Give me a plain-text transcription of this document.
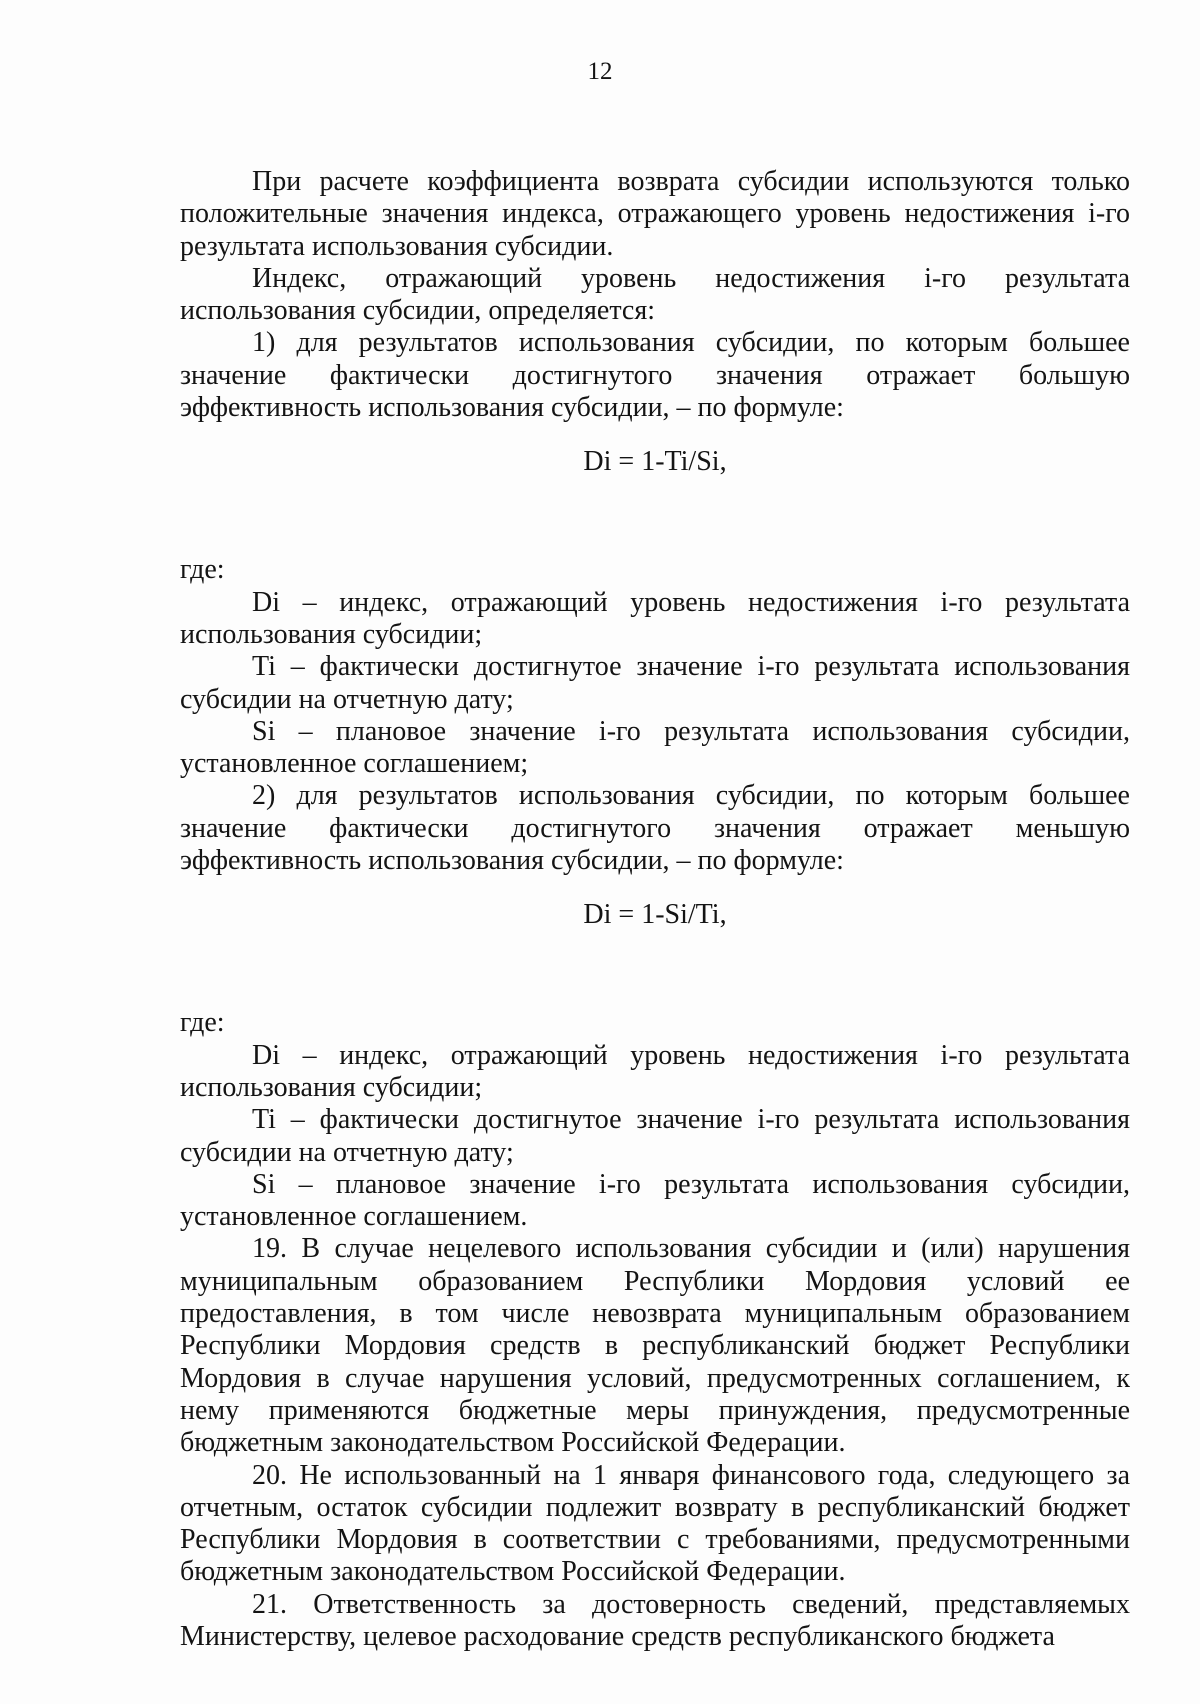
12

При расчете коэффициента возврата субсидии используются только положительные значения индекса, отражающего уровень недостижения i-го результата использования субсидии.

Индекс, отражающий уровень недостижения i-го результата использования субсидии, определяется:

1) для результатов использования субсидии, по которым большее значение фактически достигнутого значения отражает большую эффективность использования субсидии, – по формуле:

Di = 1-Ti/Si,

где:

Di – индекс, отражающий уровень недостижения i-го результата использования субсидии;

Ti – фактически достигнутое значение i-го результата использования субсидии на отчетную дату;

Si – плановое значение i-го результата использования субсидии, установленное соглашением;

2) для результатов использования субсидии, по которым большее значение фактически достигнутого значения отражает меньшую эффективность использования субсидии, – по формуле:

Di = 1-Si/Ti,

где:

Di – индекс, отражающий уровень недостижения i-го результата использования субсидии;

Ti – фактически достигнутое значение i-го результата использования субсидии на отчетную дату;

Si – плановое значение i-го результата использования субсидии, установленное соглашением.

19. В случае нецелевого использования субсидии и (или) нарушения муниципальным образованием Республики Мордовия условий ее предоставления, в том числе невозврата муниципальным образованием Республики Мордовия средств в республиканский бюджет Республики Мордовия в случае нарушения условий, предусмотренных соглашением, к нему применяются бюджетные меры принуждения, предусмотренные бюджетным законодательством Российской Федерации.

20. Не использованный на 1 января финансового года, следующего за отчетным, остаток субсидии подлежит возврату в республиканский бюджет Республики Мордовия в соответствии с требованиями, предусмотренными бюджетным законодательством Российской Федерации.

21. Ответственность за достоверность сведений, представляемых Министерству, целевое расходование средств республиканского бюджета
